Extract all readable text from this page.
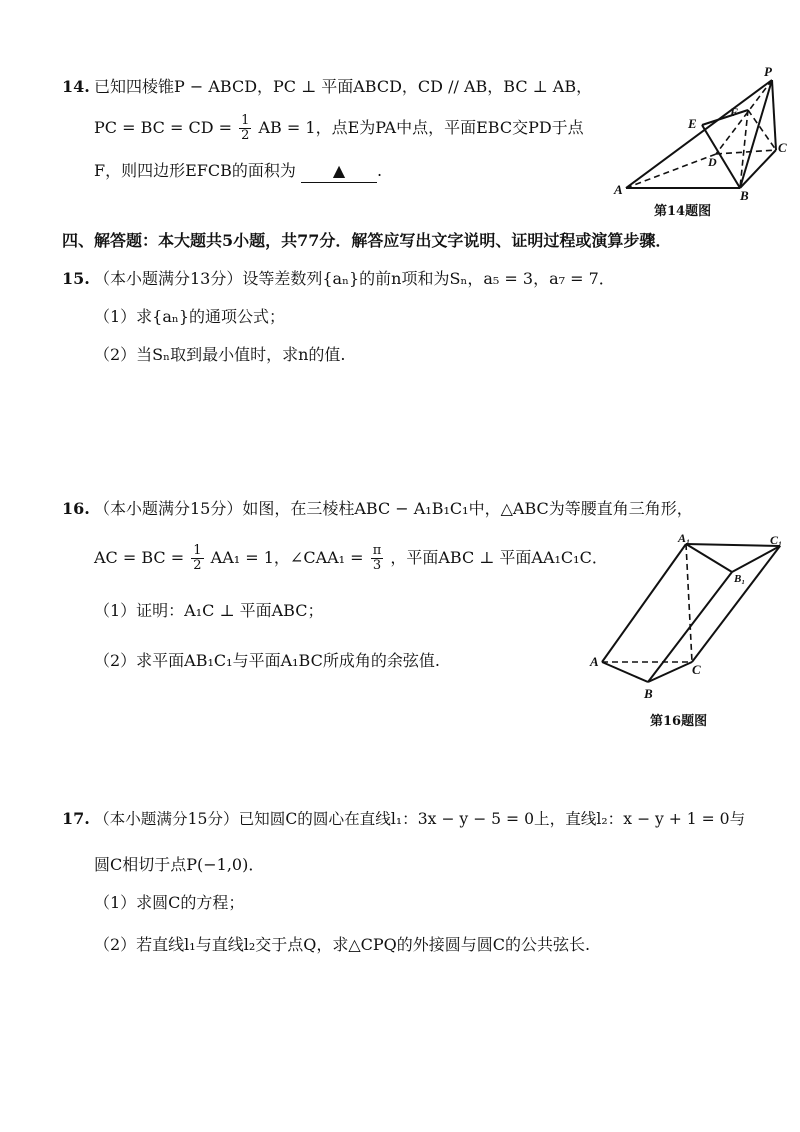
14. 已知四棱锥P − ABCD，PC ⊥ 平面ABCD，CD // AB，BC ⊥ AB，
PC = BC = CD = $\frac{1}{2}$ AB = 1，点E为PA中点，平面EBC交PD于点
F，则四边形EFCB的面积为 ▲ .
P
E
F
C
D
A	B
第14题图
四、解答题：本大题共5小题，共77分．解答应写出文字说明、证明过程或演算步骤．
15. （本小题满分13分）设等差数列{aₙ}的前n项和为Sₙ，a₅ = 3，a₇ = 7．
（1）求{aₙ}的通项公式；
（2）当Sₙ取到最小值时，求n的值.
16. （本小题满分15分）如图，在三棱柱ABC − A₁B₁C₁中，△ABC为等腰直角三角形，
AC = BC = $\frac{1}{2} AA_1 = 1$，∠CAA₁ = $\frac{\pi}{3}$ ，平面ABC ⊥ 平面AA₁C₁C．
（1）证明：A₁C ⊥ 平面ABC；
（2）求平面AB₁C₁与平面A₁BC所成角的余弦值.
A₁	C₁
B₁
A
C
B
第16题图
17. （本小题满分15分）已知圆C的圆心在直线l₁：3x − y − 5 = 0上，直线l₂：x − y + 1 = 0与
圆C相切于点P(−1,0)．
（1）求圆C的方程；
（2）若直线l₁与直线l₂交于点Q，求△CPQ的外接圆与圆C的公共弦长.
